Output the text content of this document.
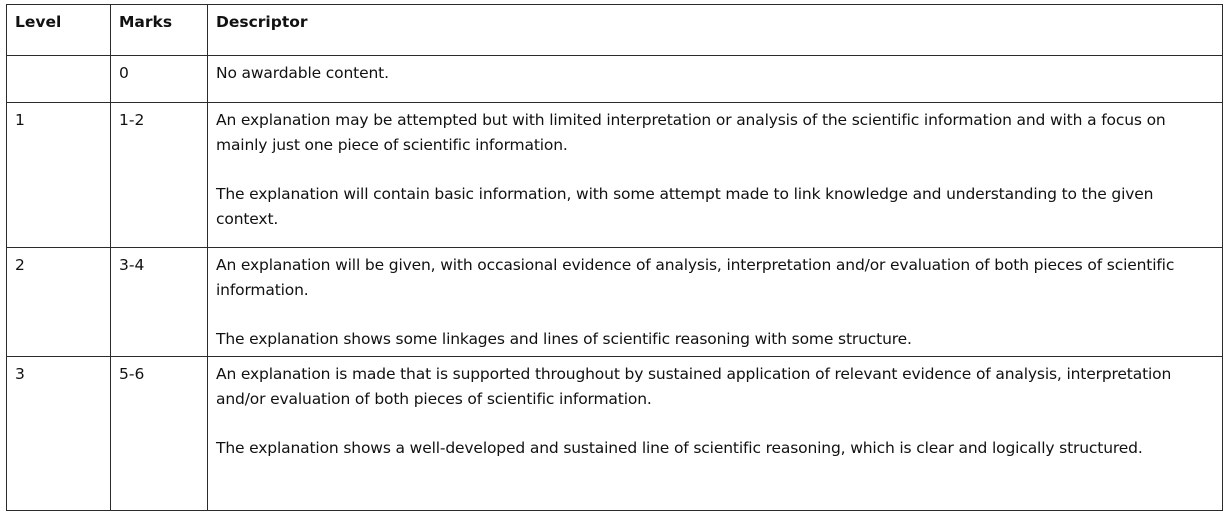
Level	Marks	Descriptor
	0	No awardable content.

1	1-2	An explanation may be attempted but with limited interpretation or analysis of the scientific information and with a focus on mainly just one piece of scientific information.

The explanation will contain basic information, with some attempt made to link knowledge and understanding to the given context.

2	3-4	An explanation will be given, with occasional evidence of analysis, interpretation and/or evaluation of both pieces of scientific information.

The explanation shows some linkages and lines of scientific reasoning with some structure.

3	5-6	An explanation is made that is supported throughout by sustained application of relevant evidence of analysis, interpretation and/or evaluation of both pieces of scientific information.

The explanation shows a well-developed and sustained line of scientific reasoning, which is clear and logically structured.
